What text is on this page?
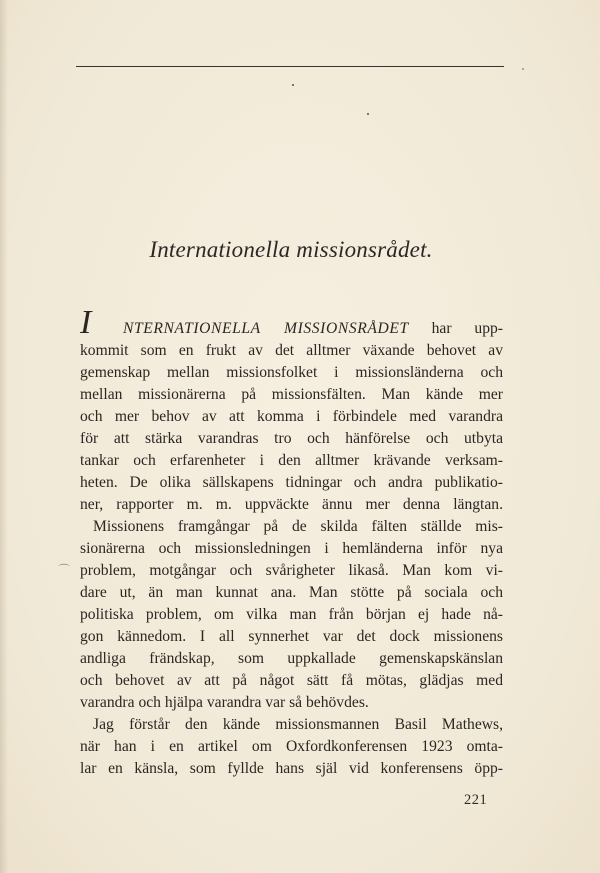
Internationella missionsrådet.
I NTERNATIONELLA MISSIONSRÅDET har upp-
kommit som en frukt av det alltmer växande behovet av
gemenskap mellan missionsfolket i missionsländerna och
mellan missionärerna på missionsfälten. Man kände mer
och mer behov av att komma i förbindele med varandra
för att stärka varandras tro och hänförelse och utbyta
tankar och erfarenheter i den alltmer krävande verksam-
heten. De olika sällskapens tidningar och andra publikatio-
ner, rapporter m. m. uppväckte ännu mer denna längtan.
Missionens framgångar på de skilda fälten ställde mis-
sionärerna och missionsledningen i hemländerna inför nya
problem, motgångar och svårigheter likaså. Man kom vi-
dare ut, än man kunnat ana. Man stötte på sociala och
politiska problem, om vilka man från början ej hade nå-
gon kännedom. I all synnerhet var det dock missionens
andliga frändskap, som uppkallade gemenskapskänslan
och behovet av att på något sätt få mötas, glädjas med
varandra och hjälpa varandra var så behövdes.
Jag förstår den kände missionsmannen Basil Mathews,
när han i en artikel om Oxfordkonferensen 1923 omta-
lar en känsla, som fyllde hans själ vid konferensens öpp-
⌒
221
